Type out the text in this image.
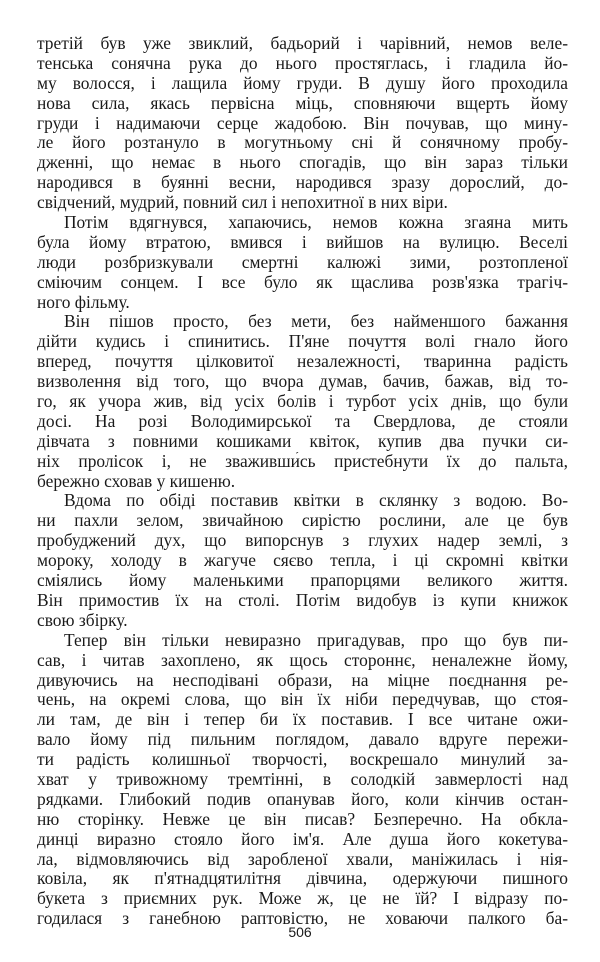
третій був уже звиклий, бадьорий і чарівний, немов веле-
тенська сонячна рука до нього простяглась, і гладила йо-
му волосся, і лащила йому груди. В душу його проходила
нова сила, якась первісна міць, сповняючи вщерть йому
груди і надимаючи серце жадобою. Він почував, що мину-
ле його розтануло в могутньому сні й сонячному пробу-
дженні, що немає в нього спогадів, що він зараз тільки
народився в буянні весни, народився зразу дорослий, до-
свідчений, мудрий, повний сил і непохитної в них віри.
Потім вдягнувся, хапаючись, немов кожна згаяна мить
була йому втратою, вмився і вийшов на вулицю. Веселі
люди розбризкували смертні калюжі зими, розтопленої
сміючим сонцем. І все було як щаслива розв'язка трагіч-
ного фільму.
Він пішов просто, без мети, без найменшого бажання
дійти кудись і спинитись. П'яне почуття волі гнало його
вперед, почуття цілковитої незалежності, тваринна радість
визволення від того, що вчора думав, бачив, бажав, від то-
го, як учора жив, від усіх болів і турбот усіх днів, що були
досі. На розі Володимирської та Свердлова, де стояли
дівчата з повними кошиками квіток, купив два пучки си-
ніх пролісок і, не зваживши́сь пристебнути їх до пальта,
бережно сховав у кишеню.
Вдома по обіді поставив квітки в склянку з водою. Во-
ни пахли зелом, звичайною сирістю рослини, але це був
пробуджений дух, що випорснув з глухих надер землі, з
мороку, холоду в жагуче сяєво тепла, і ці скромні квітки
сміялись йому маленькими прапорцями великого життя.
Він примостив їх на столі. Потім видобув із купи книжок
свою збірку.
Тепер він тільки невиразно пригадував, про що був пи-
сав, і читав захоплено, як щось стороннє, неналежне йому,
дивуючись на несподівані образи, на міцне поєднання ре-
чень, на окремі слова, що він їх ніби передчував, що стоя-
ли там, де він і тепер би їх поставив. І все читане ожи-
вало йому під пильним поглядом, давало вдруге пережи-
ти радість колишньої творчості, воскрешало минулий за-
хват у тривожному тремтінні, в солодкій завмерлості над
рядками. Глибокий подив опанував його, коли кінчив остан-
ню сторінку. Невже це він писав? Безперечно. На обкла-
динці виразно стояло його ім'я. Але душа його кокетува-
ла, відмовляючись від заробленої хвали, маніжилась і нія-
ковіла, як п'ятнадцятилітня дівчина, одержуючи пишного
букета з приємних рук. Може ж, це не їй? І відразу по-
годилася з ганебною раптовістю, не ховаючи палкого ба-
506
